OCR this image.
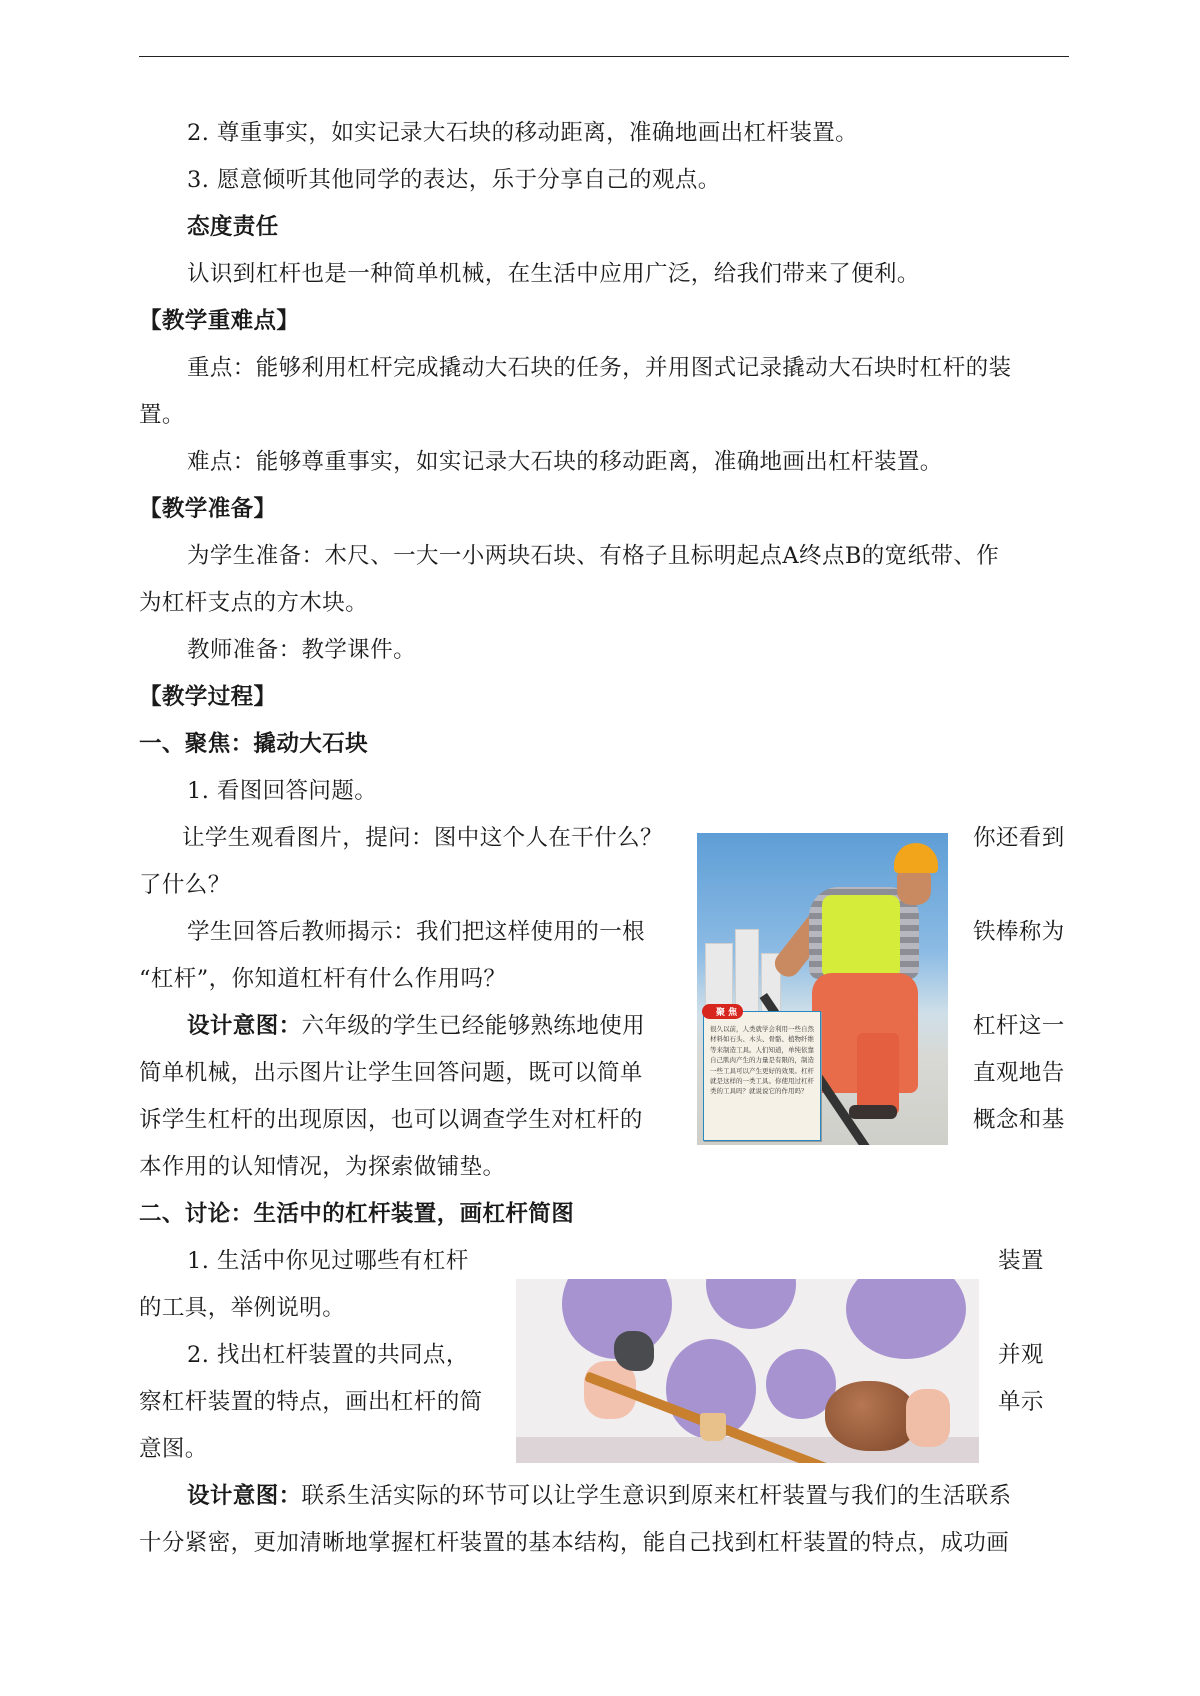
2. 尊重事实，如实记录大石块的移动距离，准确地画出杠杆装置。
3. 愿意倾听其他同学的表达，乐于分享自己的观点。
态度责任
认识到杠杆也是一种简单机械，在生活中应用广泛，给我们带来了便利。
【教学重难点】
重点：能够利用杠杆完成撬动大石块的任务，并用图式记录撬动大石块时杠杆的装
置。
难点：能够尊重事实，如实记录大石块的移动距离，准确地画出杠杆装置。
【教学准备】
为学生准备：木尺、一大一小两块石块、有格子且标明起点A终点B的宽纸带、作
为杠杆支点的方木块。
教师准备：教学课件。
【教学过程】
一、聚焦：撬动大石块
1. 看图回答问题。
让学生观看图片，提问：图中这个人在干什么？	你还看到
了什么？
学生回答后教师揭示：我们把这样使用的一根	铁棒称为
“杠杆”，你知道杠杆有什么作用吗？
设计意图：六年级的学生已经能够熟练地使用	杠杆这一
简单机械，出示图片让学生回答问题，既可以简单	直观地告
诉学生杠杆的出现原因，也可以调查学生对杠杆的	概念和基
本作用的认知情况，为探索做铺垫。
二、讨论：生活中的杠杆装置，画杠杆简图
1. 生活中你见过哪些有杠杆	装置
的工具，举例说明。
2. 找出杠杆装置的共同点，	并观
察杠杆装置的特点，画出杠杆的简	单示
意图。
设计意图：联系生活实际的环节可以让学生意识到原来杠杆装置与我们的生活联系
十分紧密，更加清晰地掌握杠杆装置的基本结构，能自己找到杠杆装置的特点，成功画
聚 焦
很久以前，人类就学会利用一些自然材料如石头、木头、骨骼、植物纤维等来制造工具。人们知道，单纯依靠自己肌肉产生的力量是有限的，制造一些工具可以产生更好的效果。杠杆就是这样的一类工具。你使用过杠杆类的工具吗？就说说它的作用吗？
